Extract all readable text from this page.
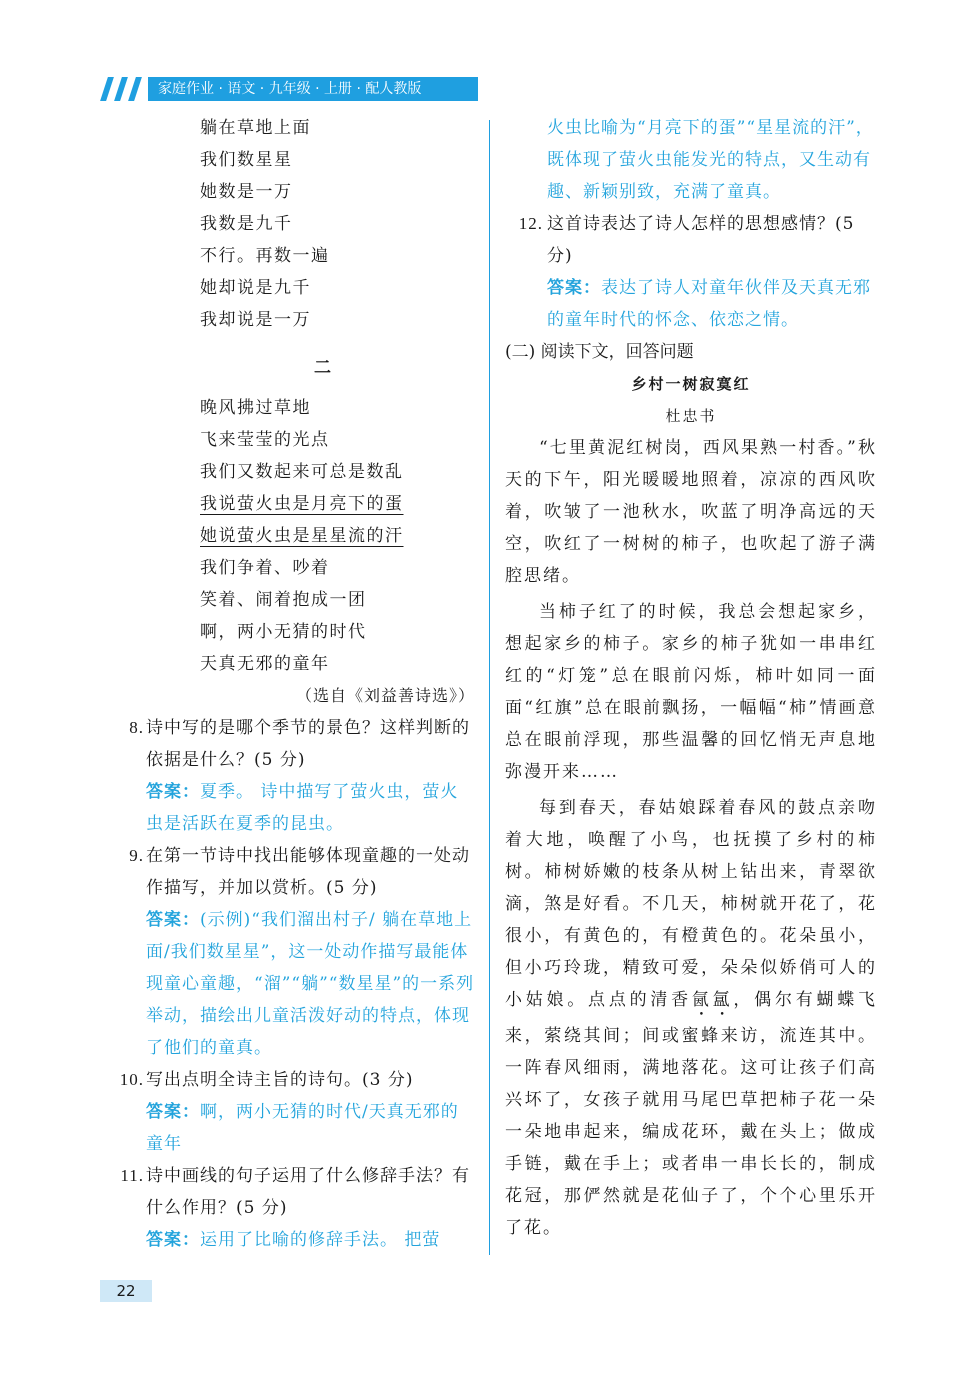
家庭作业 · 语文 · 九年级 · 上册 · 配人教版
躺在草地上面
我们数星星
她数是一万
我数是九千
不行。再数一遍
她却说是九千
我却说是一万
二
晚风拂过草地
飞来莹莹的光点
我们又数起来可总是数乱
我说萤火虫是月亮下的蛋
她说萤火虫是星星流的汗
我们争着、吵着
笑着、闹着抱成一团
啊，两小无猜的时代
天真无邪的童年
（选自《刘益善诗选》）
8. 诗中写的是哪个季节的景色？这样判断的依据是什么？(5 分)
答案：夏季。 诗中描写了萤火虫，萤火虫是活跃在夏季的昆虫。
9. 在第一节诗中找出能够体现童趣的一处动作描写，并加以赏析。(5 分)
答案：(示例)“我们溜出村子/ 躺在草地上面/我们数星星”，这一处动作描写最能体现童心童趣，“溜”“躺”“数星星”的一系列举动，描绘出儿童活泼好动的特点，体现了他们的童真。
10. 写出点明全诗主旨的诗句。(3 分)
答案：啊，两小无猜的时代/天真无邪的童年
11. 诗中画线的句子运用了什么修辞手法？有什么作用？(5 分)
答案：运用了比喻的修辞手法。 把萤
火虫比喻为“月亮下的蛋”“星星流的汗”，既体现了萤火虫能发光的特点，又生动有趣、新颖别致，充满了童真。
12. 这首诗表达了诗人怎样的思想感情？(5 分)
答案：表达了诗人对童年伙伴及天真无邪的童年时代的怀念、依恋之情。
(二) 阅读下文，回答问题
乡村一树寂寞红
杜忠书

“七里黄泥红树岗，西风果熟一村香。”秋天的下午，阳光暖暖地照着，凉凉的西风吹着，吹皱了一池秋水，吹蓝了明净高远的天空，吹红了一树树的柿子，也吹起了游子满腔思绪。

当柿子红了的时候，我总会想起家乡，想起家乡的柿子。家乡的柿子犹如一串串红红的“灯笼”总在眼前闪烁，柿叶如同一面面“红旗”总在眼前飘扬，一幅幅“柿”情画意总在眼前浮现，那些温馨的回忆悄无声息地弥漫开来……

每到春天，春姑娘踩着春风的鼓点亲吻着大地，唤醒了小鸟，也抚摸了乡村的柿树。柿树娇嫩的枝条从树上钻出来，青翠欲滴，煞是好看。不几天，柿树就开花了，花很小，有黄色的，有橙黄色的。花朵虽小，但小巧玲珑，精致可爱，朵朵似娇俏可人的小姑娘。点点的清香氤氲，偶尔有蝴蝶飞来，萦绕其间；间或蜜蜂来访，流连其中。一阵春风细雨，满地落花。这可让孩子们高兴坏了，女孩子就用马尾巴草把柿子花一朵一朵地串起来，编成花环，戴在头上；做成手链，戴在手上；或者串一串长长的，制成花冠，那俨然就是花仙子了，个个心里乐开了花。

22
